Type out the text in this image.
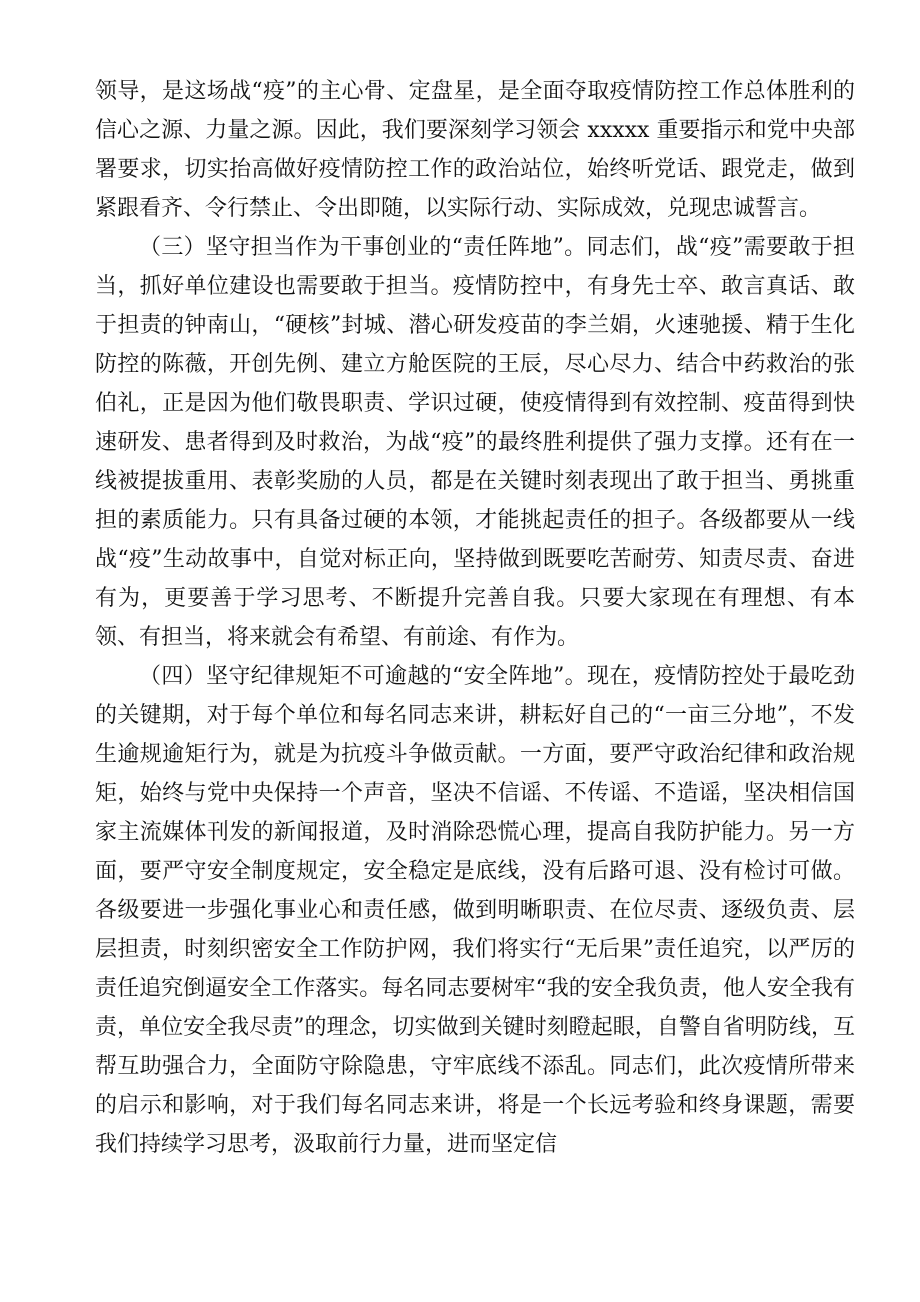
领导，是这场战“疫”的主心骨、定盘星，是全面夺取疫情防控工作总体胜利的信心之源、力量之源。因此，我们要深刻学习领会 xxxxx 重要指示和党中央部署要求，切实抬高做好疫情防控工作的政治站位，始终听党话、跟党走，做到紧跟看齐、令行禁止、令出即随，以实际行动、实际成效，兑现忠诚誓言。

（三）坚守担当作为干事创业的“责任阵地”。同志们，战“疫”需要敢于担当，抓好单位建设也需要敢于担当。疫情防控中，有身先士卒、敢言真话、敢于担责的钟南山，“硬核”封城、潜心研发疫苗的李兰娟，火速驰援、精于生化防控的陈薇，开创先例、建立方舱医院的王辰，尽心尽力、结合中药救治的张伯礼，正是因为他们敬畏职责、学识过硬，使疫情得到有效控制、疫苗得到快速研发、患者得到及时救治，为战“疫”的最终胜利提供了强力支撑。还有在一线被提拔重用、表彰奖励的人员，都是在关键时刻表现出了敢于担当、勇挑重担的素质能力。只有具备过硬的本领，才能挑起责任的担子。各级都要从一线战“疫”生动故事中，自觉对标正向，坚持做到既要吃苦耐劳、知责尽责、奋进有为，更要善于学习思考、不断提升完善自我。只要大家现在有理想、有本领、有担当，将来就会有希望、有前途、有作为。

（四）坚守纪律规矩不可逾越的“安全阵地”。现在，疫情防控处于最吃劲的关键期，对于每个单位和每名同志来讲，耕耘好自己的“一亩三分地”，不发生逾规逾矩行为，就是为抗疫斗争做贡献。一方面，要严守政治纪律和政治规矩，始终与党中央保持一个声音，坚决不信谣、不传谣、不造谣，坚决相信国家主流媒体刊发的新闻报道，及时消除恐慌心理，提高自我防护能力。另一方面，要严守安全制度规定，安全稳定是底线，没有后路可退、没有检讨可做。各级要进一步强化事业心和责任感，做到明晰职责、在位尽责、逐级负责、层层担责，时刻织密安全工作防护网，我们将实行“无后果”责任追究，以严厉的责任追究倒逼安全工作落实。每名同志要树牢“我的安全我负责，他人安全我有责，单位安全我尽责”的理念，切实做到关键时刻瞪起眼，自警自省明防线，互帮互助强合力，全面防守除隐患，守牢底线不添乱。同志们，此次疫情所带来的启示和影响，对于我们每名同志来讲，将是一个长远考验和终身课题，需要我们持续学习思考，汲取前行力量，进而坚定信
